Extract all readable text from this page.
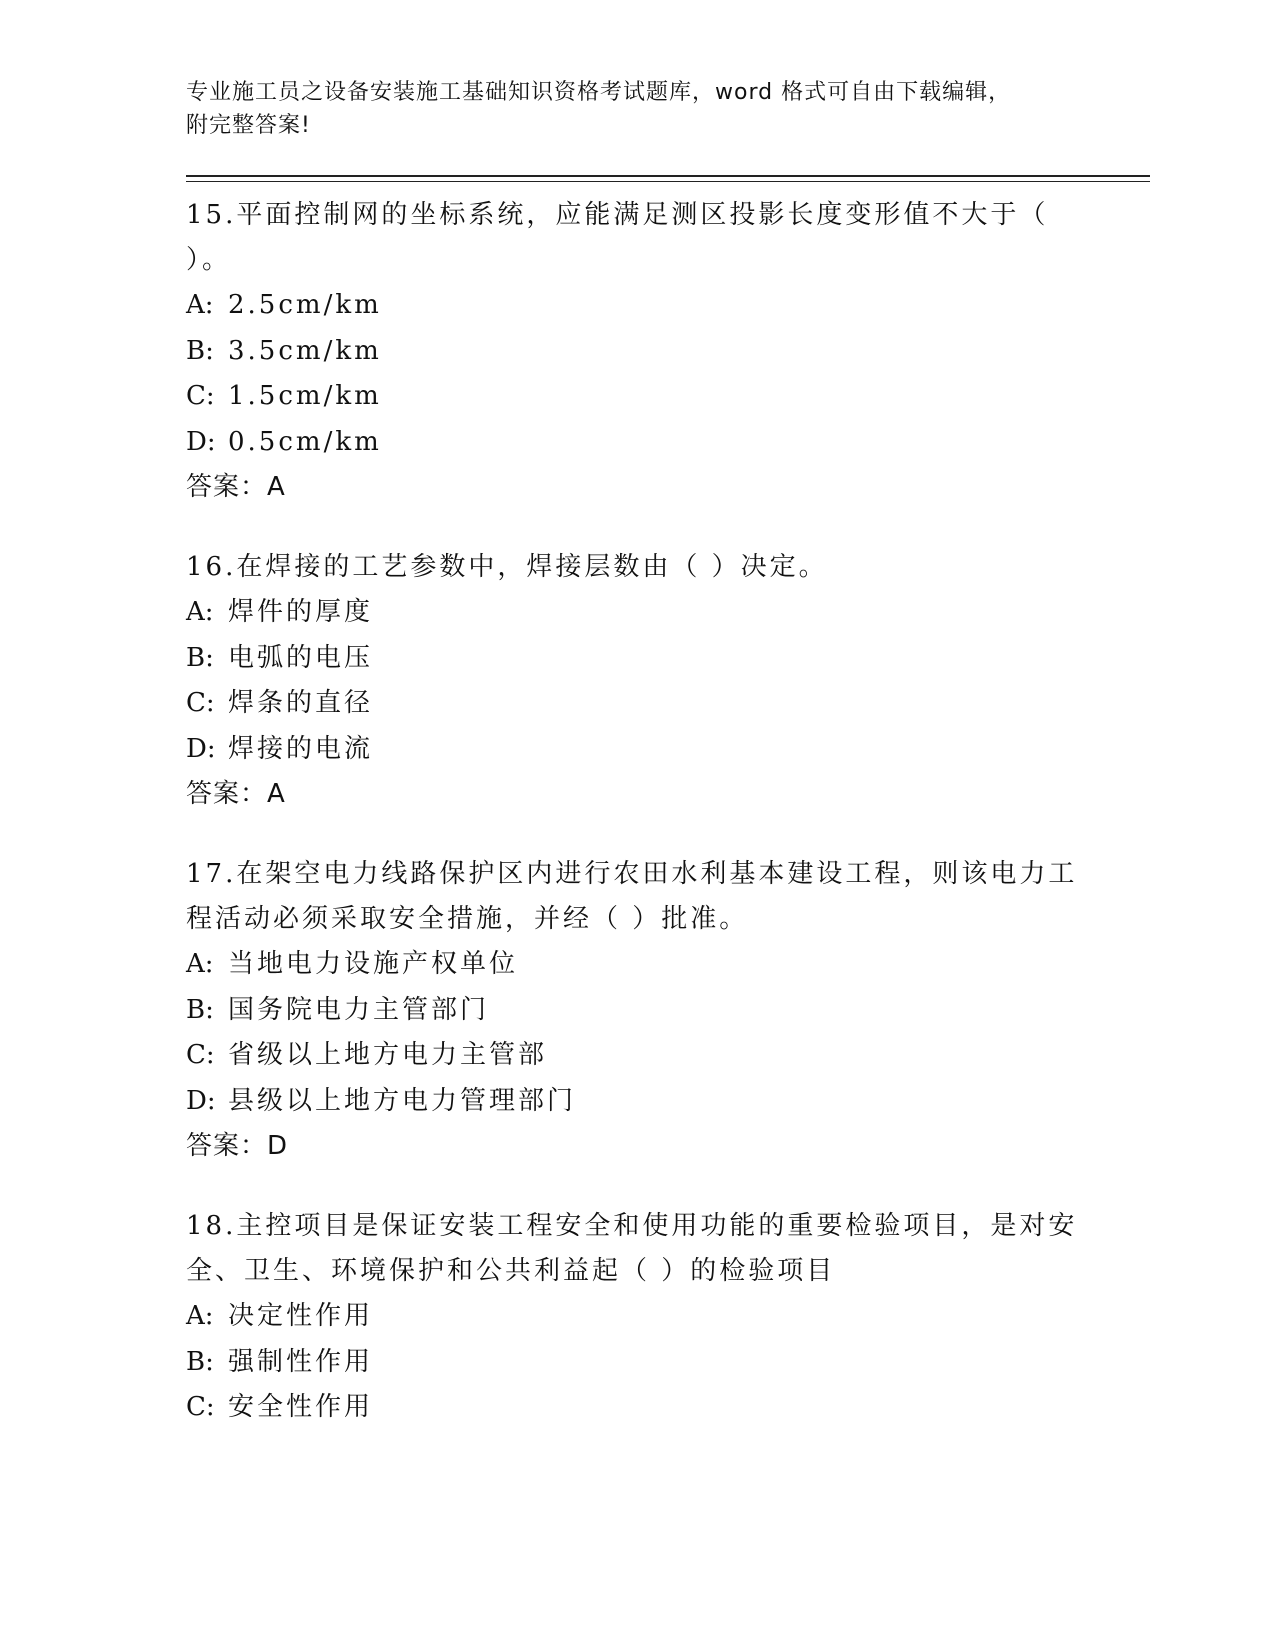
专业施工员之设备安装施工基础知识资格考试题库，word 格式可自由下载编辑，
附完整答案!

15.平面控制网的坐标系统，应能满足测区投影长度变形值不大于（

）。

A: 2.5cm/km

B: 3.5cm/km

C: 1.5cm/km

D: 0.5cm/km

答案：A

16.在焊接的工艺参数中，焊接层数由（ ）决定。

A: 焊件的厚度

B: 电弧的电压

C: 焊条的直径

D: 焊接的电流

答案：A

17.在架空电力线路保护区内进行农田水利基本建设工程，则该电力工

程活动必须采取安全措施，并经（ ）批准。

A: 当地电力设施产权单位

B: 国务院电力主管部门

C: 省级以上地方电力主管部

D: 县级以上地方电力管理部门

答案：D

18.主控项目是保证安装工程安全和使用功能的重要检验项目，是对安

全、卫生、环境保护和公共利益起（ ）的检验项目

A: 决定性作用

B: 强制性作用

C: 安全性作用
